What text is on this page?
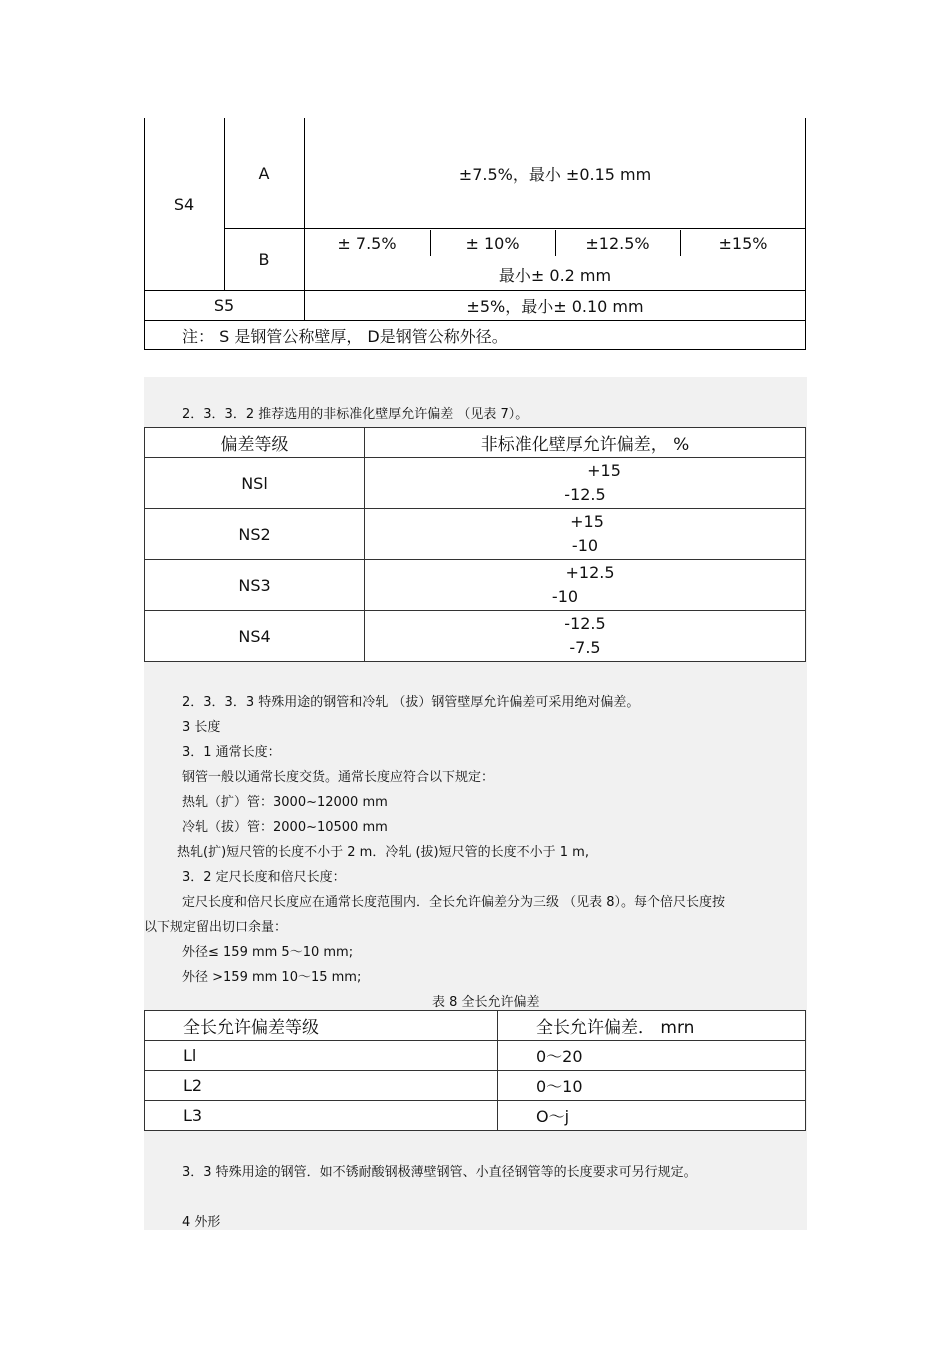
S4
A	±7.5%，最小 ±0.15 mm
B
± 7.5%	± 10%	±12.5%	±15%
最小± 0.2 mm
S5	±5%，最小± 0.10 mm
注： S 是钢管公称壁厚， D是钢管公称外径。
2．3．3．2 推荐选用的非标准化壁厚允许偏差 （见表 7）。
偏差等级	非标准化壁厚允许偏差， %
NSl	+15
-12.5

NS2	+15
-10

NS3	+12.5
-10

NS4	-12.5
-7.5
2．3．3．3 特殊用途的钢管和冷轧 （拔）钢管壁厚允许偏差可采用绝对偏差。
3 长度
3．1 通常长度：
钢管一般以通常长度交货。通常长度应符合以下规定：
热轧（扩）管：3000~12000 mm
冷轧（拔）管：2000~10500 mm
热轧(扩)短尺管的长度不小于 2 m．冷轧 (拔)短尺管的长度不小于 1 m,
3．2 定尺长度和倍尺长度：
定尺长度和倍尺长度应在通常长度范围内．全长允许偏差分为三级 （见表 8）。每个倍尺长度按
以下规定留出切口余量：
外径≤ 159 mm 5～10 mm;
外径 >159 mm 10～15 mm;
表 8 全长允许偏差
全长允许偏差等级	全长允许偏差． mrn
Ll	0～20
L2	0～10
L3	O～j
3．3 特殊用途的钢管．如不锈耐酸钢极薄壁钢管、小直径钢管等的长度要求可另行规定。
4 外形
